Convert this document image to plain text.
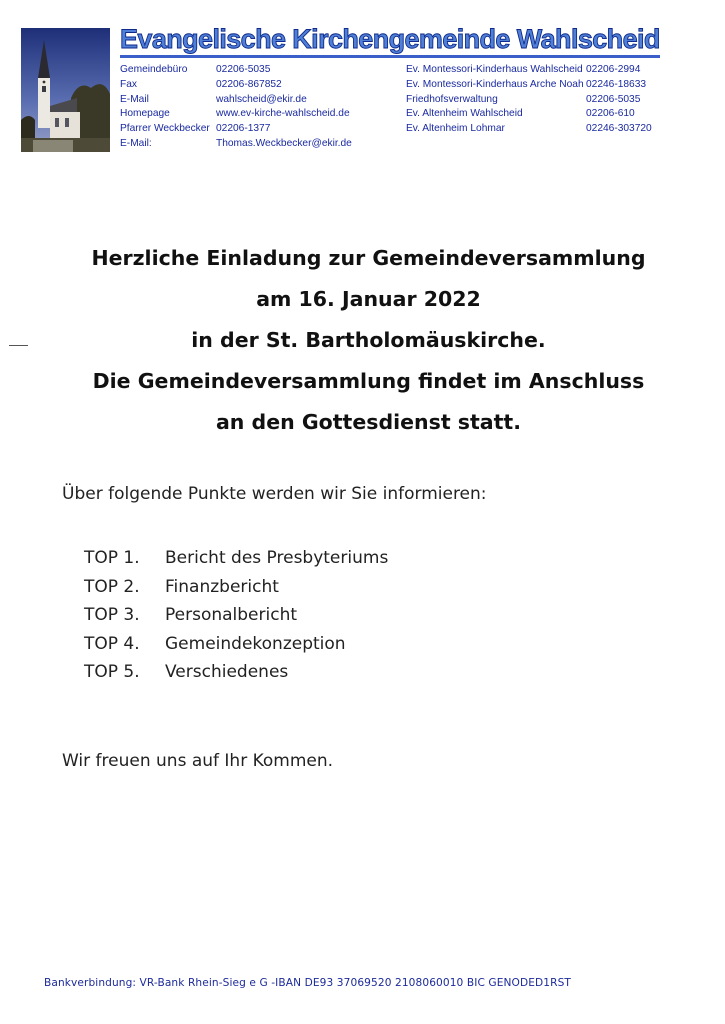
Evangelische Kirchengemeinde Wahlscheid
Gemeindebüro	02206-5035
Fax	02206-867852
E-Mail	wahlscheid@ekir.de
Homepage	www.ev-kirche-wahlscheid.de
Pfarrer Weckbecker 02206-1377
E-Mail:	Thomas.Weckbecker@ekir.de
Ev. Montessori-Kinderhaus Wahlscheid 02206-2994
Ev. Montessori-Kinderhaus Arche Noah 02246-18633
Friedhofsverwaltung	02206-5035
Ev. Altenheim Wahlscheid	02206-610
Ev. Altenheim Lohmar	02246-303720
Herzliche Einladung zur Gemeindeversammlung
am 16. Januar 2022
in der St. Bartholomäuskirche.
Die Gemeindeversammlung findet im Anschluss
an den Gottesdienst statt.
Über folgende Punkte werden wir Sie informieren:
TOP 1. Bericht des Presbyteriums
TOP 2. Finanzbericht
TOP 3. Personalbericht
TOP 4. Gemeindekonzeption
TOP 5. Verschiedenes
Wir freuen uns auf Ihr Kommen.
Bankverbindung: VR-Bank Rhein-Sieg e G -IBAN DE93 37069520 2108060010 BIC GENODED1RST
